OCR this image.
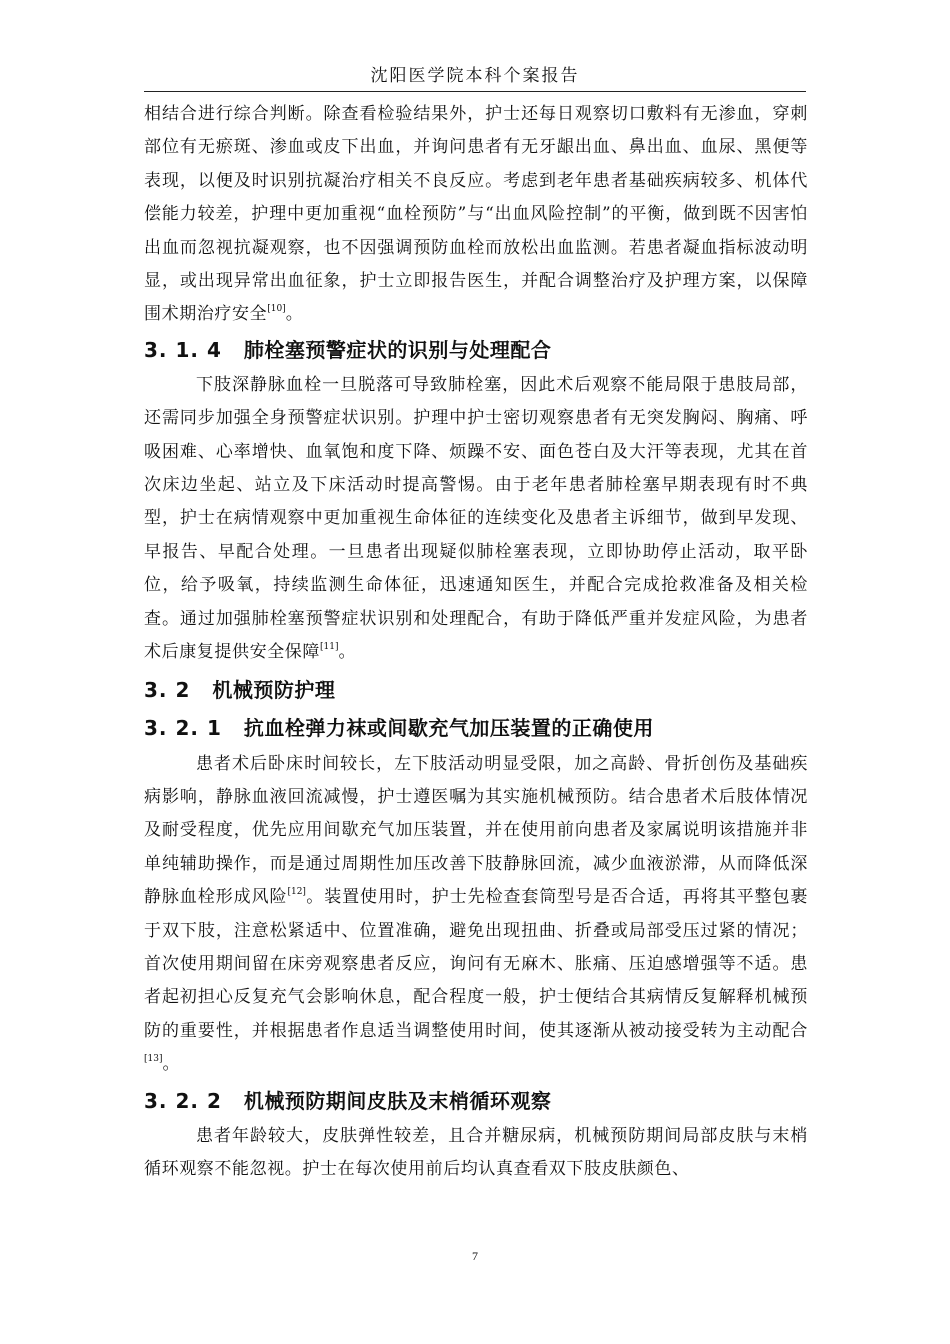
沈阳医学院本科个案报告

相结合进行综合判断。除查看检验结果外，护士还每日观察切口敷料有无渗血，穿刺部位有无瘀斑、渗血或皮下出血，并询问患者有无牙龈出血、鼻出血、血尿、黑便等表现，以便及时识别抗凝治疗相关不良反应。考虑到老年患者基础疾病较多、机体代偿能力较差，护理中更加重视“血栓预防”与“出血风险控制”的平衡，做到既不因害怕出血而忽视抗凝观察，也不因强调预防血栓而放松出血监测。若患者凝血指标波动明显，或出现异常出血征象，护士立即报告医生，并配合调整治疗及护理方案，以保障围术期治疗安全[10]。

3. 1. 4 肺栓塞预警症状的识别与处理配合

下肢深静脉血栓一旦脱落可导致肺栓塞，因此术后观察不能局限于患肢局部，还需同步加强全身预警症状识别。护理中护士密切观察患者有无突发胸闷、胸痛、呼吸困难、心率增快、血氧饱和度下降、烦躁不安、面色苍白及大汗等表现，尤其在首次床边坐起、站立及下床活动时提高警惕。由于老年患者肺栓塞早期表现有时不典型，护士在病情观察中更加重视生命体征的连续变化及患者主诉细节，做到早发现、早报告、早配合处理。一旦患者出现疑似肺栓塞表现，立即协助停止活动，取平卧位，给予吸氧，持续监测生命体征，迅速通知医生，并配合完成抢救准备及相关检查。通过加强肺栓塞预警症状识别和处理配合，有助于降低严重并发症风险，为患者术后康复提供安全保障[11]。

3. 2 机械预防护理
3. 2. 1 抗血栓弹力袜或间歇充气加压装置的正确使用

患者术后卧床时间较长，左下肢活动明显受限，加之高龄、骨折创伤及基础疾病影响，静脉血液回流减慢，护士遵医嘱为其实施机械预防。结合患者术后肢体情况及耐受程度，优先应用间歇充气加压装置，并在使用前向患者及家属说明该措施并非单纯辅助操作，而是通过周期性加压改善下肢静脉回流，减少血液淤滞，从而降低深静脉血栓形成风险[12]。装置使用时，护士先检查套筒型号是否合适，再将其平整包裹于双下肢，注意松紧适中、位置准确，避免出现扭曲、折叠或局部受压过紧的情况；首次使用期间留在床旁观察患者反应，询问有无麻木、胀痛、压迫感增强等不适。患者起初担心反复充气会影响休息，配合程度一般，护士便结合其病情反复解释机械预防的重要性，并根据患者作息适当调整使用时间，使其逐渐从被动接受转为主动配合[13]。

3. 2. 2 机械预防期间皮肤及末梢循环观察

患者年龄较大，皮肤弹性较差，且合并糖尿病，机械预防期间局部皮肤与末梢循环观察不能忽视。护士在每次使用前后均认真查看双下肢皮肤颜色、

7
